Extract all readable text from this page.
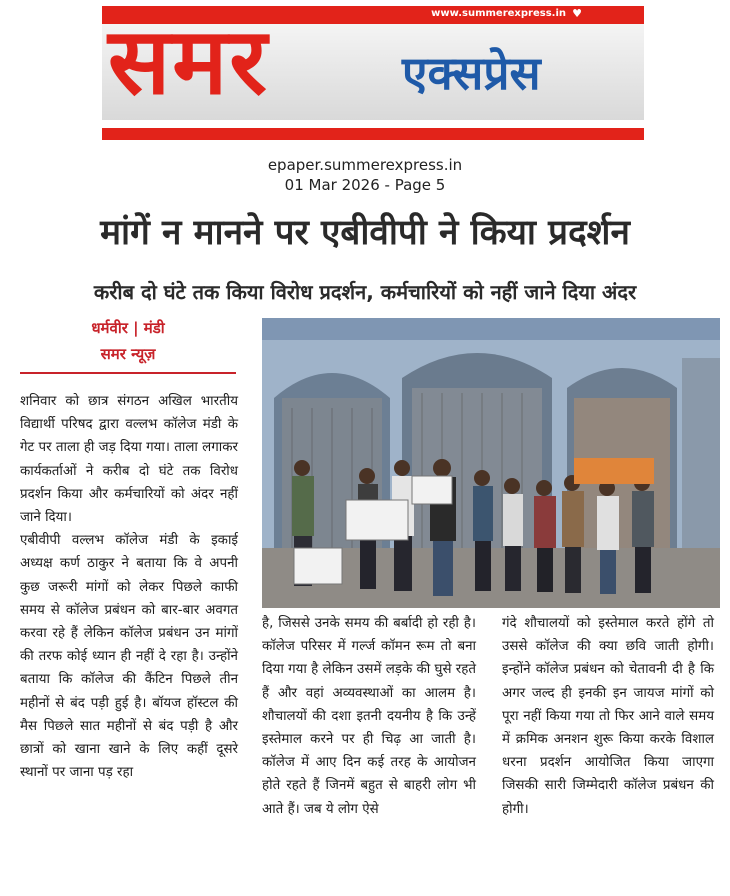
www.summerexpress.in ♥
समर	एक्सप्रेस
epaper.summerexpress.in
01 Mar 2026 - Page 5
मांगें न मानने पर एबीवीपी ने किया प्रदर्शन
करीब दो घंटे तक किया विरोध प्रदर्शन, कर्मचारियों को नहीं जाने दिया अंदर
धर्मवीर | मंडी
समर न्यूज़

शनिवार को छात्र संगठन अखिल भारतीय विद्यार्थी परिषद द्वारा वल्लभ कॉलेज मंडी के गेट पर ताला ही जड़ दिया गया। ताला लगाकर कार्यकर्ताओं ने करीब दो घंटे तक विरोध प्रदर्शन किया और कर्मचारियों को अंदर नहीं जाने दिया।

एबीवीपी वल्लभ कॉलेज मंडी के इकाई अध्यक्ष कर्ण ठाकुर ने बताया कि वे अपनी कुछ जरूरी मांगों को लेकर पिछले काफी समय से कॉलेज प्रबंधन को बार-बार अवगत करवा रहे हैं लेकिन कॉलेज प्रबंधन उन मांगों की तरफ कोई ध्यान ही नहीं दे रहा है। उन्होंने बताया कि कॉलेज की कैंटिन पिछले तीन महीनों से बंद पड़ी हुई है। बॉयज हॉस्टल की मैस पिछले सात महीनों से बंद पड़ी है और छात्रों को खाना खाने के लिए कहीं दूसरे स्थानों पर जाना पड़ रहा

है, जिससे उनके समय की बर्बादी हो रही है। कॉलेज परिसर में गर्ल्ज कॉमन रूम तो बना दिया गया है लेकिन उसमें लड़के की घुसे रहते हैं और वहां अव्यवस्थाओं का आलम है। शौचालयों की दशा इतनी दयनीय है कि उन्हें इस्तेमाल करने पर ही चिढ़ आ जाती है। कॉलेज में आए दिन कई तरह के आयोजन होते रहते हैं जिनमें बहुत से बाहरी लोग भी आते हैं। जब ये लोग ऐसे
गंदे शौचालयों को इस्तेमाल करते होंगे तो उससे कॉलेज की क्या छवि जाती होगी। इन्होंने कॉलेज प्रबंधन को चेतावनी दी है कि अगर जल्द ही इनकी इन जायज मांगों को पूरा नहीं किया गया तो फिर आने वाले समय में क्रमिक अनशन शुरू किया करके विशाल धरना प्रदर्शन आयोजित किया जाएगा जिसकी सारी जिम्मेदारी कॉलेज प्रबंधन की होगी।
